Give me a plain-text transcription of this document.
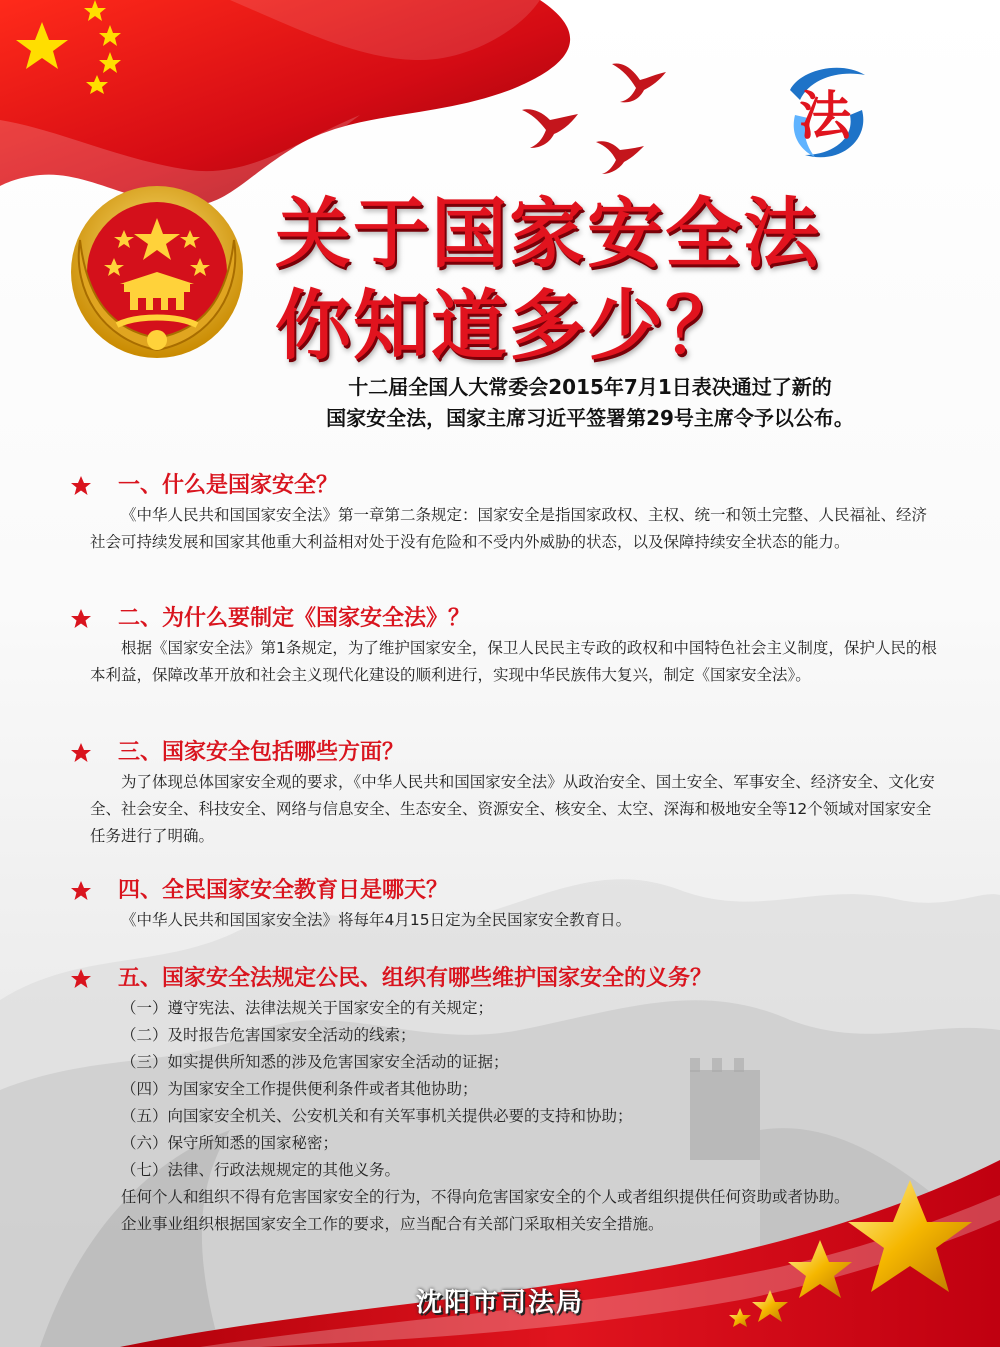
法
关于国家安全法
你知道多少？
十二届全国人大常委会2015年7月1日表决通过了新的
国家安全法，国家主席习近平签署第29号主席令予以公布。
一、什么是国家安全？
《中华人民共和国国家安全法》第一章第二条规定：国家安全是指国家政权、主权、统一和领土完整、人民福祉、经济社会可持续发展和国家其他重大利益相对处于没有危险和不受内外威胁的状态，以及保障持续安全状态的能力。
二、为什么要制定《国家安全法》？
根据《国家安全法》第1条规定，为了维护国家安全，保卫人民民主专政的政权和中国特色社会主义制度，保护人民的根本利益，保障改革开放和社会主义现代化建设的顺利进行，实现中华民族伟大复兴，制定《国家安全法》。
三、国家安全包括哪些方面？
为了体现总体国家安全观的要求，《中华人民共和国国家安全法》从政治安全、国土安全、军事安全、经济安全、文化安全、社会安全、科技安全、网络与信息安全、生态安全、资源安全、核安全、太空、深海和极地安全等12个领域对国家安全任务进行了明确。
四、全民国家安全教育日是哪天？
《中华人民共和国国家安全法》将每年4月15日定为全民国家安全教育日。
五、国家安全法规定公民、组织有哪些维护国家安全的义务？
（一）遵守宪法、法律法规关于国家安全的有关规定；
（二）及时报告危害国家安全活动的线索；
（三）如实提供所知悉的涉及危害国家安全活动的证据；
（四）为国家安全工作提供便利条件或者其他协助；
（五）向国家安全机关、公安机关和有关军事机关提供必要的支持和协助；
（六）保守所知悉的国家秘密；
（七）法律、行政法规规定的其他义务。
任何个人和组织不得有危害国家安全的行为，不得向危害国家安全的个人或者组织提供任何资助或者协助。
企业事业组织根据国家安全工作的要求，应当配合有关部门采取相关安全措施。
沈阳市司法局
